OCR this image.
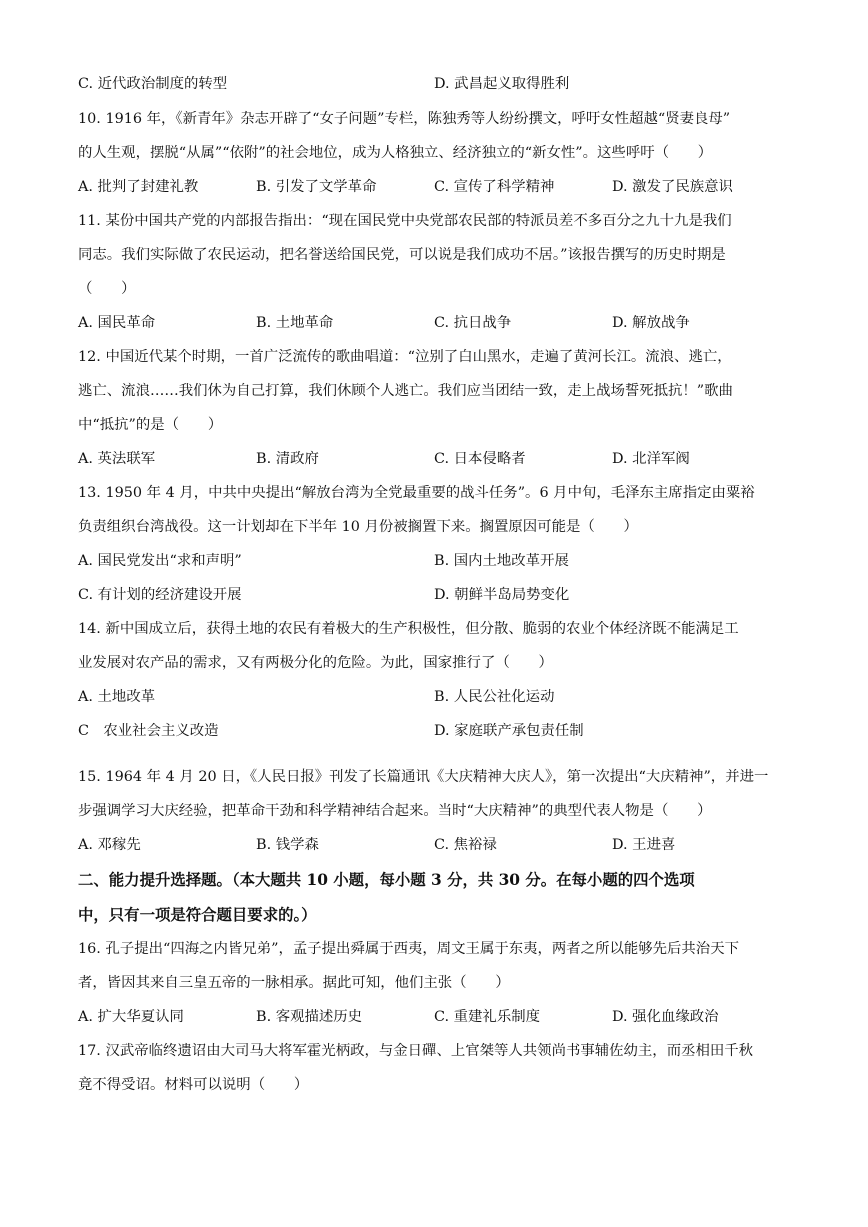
C. 近代政治制度的转型	D. 武昌起义取得胜利
10. 1916 年，《新青年》杂志开辟了“女子问题”专栏，陈独秀等人纷纷撰文，呼吁女性超越“贤妻良母”
的人生观，摆脱“从属”“依附”的社会地位，成为人格独立、经济独立的“新女性”。这些呼吁（　　）
A. 批判了封建礼教	B. 引发了文学革命	C. 宣传了科学精神	D. 激发了民族意识
11. 某份中国共产党的内部报告指出：“现在国民党中央党部农民部的特派员差不多百分之九十九是我们
同志。我们实际做了农民运动，把名誉送给国民党，可以说是我们成功不居。”该报告撰写的历史时期是
（　　）
A. 国民革命	B. 土地革命	C. 抗日战争	D. 解放战争
12. 中国近代某个时期，一首广泛流传的歌曲唱道：“泣别了白山黑水，走遍了黄河长江。流浪、逃亡，
逃亡、流浪……我们休为自己打算，我们休顾个人逃亡。我们应当团结一致，走上战场誓死抵抗！”歌曲
中“抵抗”的是（　　）
A. 英法联军	B. 清政府	C. 日本侵略者	D. 北洋军阀
13. 1950 年 4 月，中共中央提出“解放台湾为全党最重要的战斗任务”。6 月中旬，毛泽东主席指定由粟裕
负责组织台湾战役。这一计划却在下半年 10 月份被搁置下来。搁置原因可能是（　　）
A. 国民党发出“求和声明”	B. 国内土地改革开展
C. 有计划的经济建设开展	D. 朝鲜半岛局势变化
14. 新中国成立后，获得土地的农民有着极大的生产积极性，但分散、脆弱的农业个体经济既不能满足工
业发展对农产品的需求，又有两极分化的危险。为此，国家推行了（　　）
A. 土地改革	B. 人民公社化运动
C　农业社会主义改造	D. 家庭联产承包责任制
15. 1964 年 4 月 20 日，《人民日报》刊发了长篇通讯《大庆精神大庆人》，第一次提出“大庆精神”，并进一
步强调学习大庆经验，把革命干劲和科学精神结合起来。当时“大庆精神”的典型代表人物是（　　）
A. 邓稼先	B. 钱学森	C. 焦裕禄	D. 王进喜
二、能力提升选择题。（本大题共 10 小题，每小题 3 分，共 30 分。在每小题的四个选项
中，只有一项是符合题目要求的。）
16. 孔子提出“四海之内皆兄弟”，孟子提出舜属于西夷，周文王属于东夷，两者之所以能够先后共治天下
者，皆因其来自三皇五帝的一脉相承。据此可知，他们主张（　　）
A. 扩大华夏认同	B. 客观描述历史	C. 重建礼乐制度	D. 强化血缘政治
17. 汉武帝临终遗诏由大司马大将军霍光柄政，与金日磾、上官桀等人共领尚书事辅佐幼主，而丞相田千秋
竟不得受诏。材料可以说明（　　）
